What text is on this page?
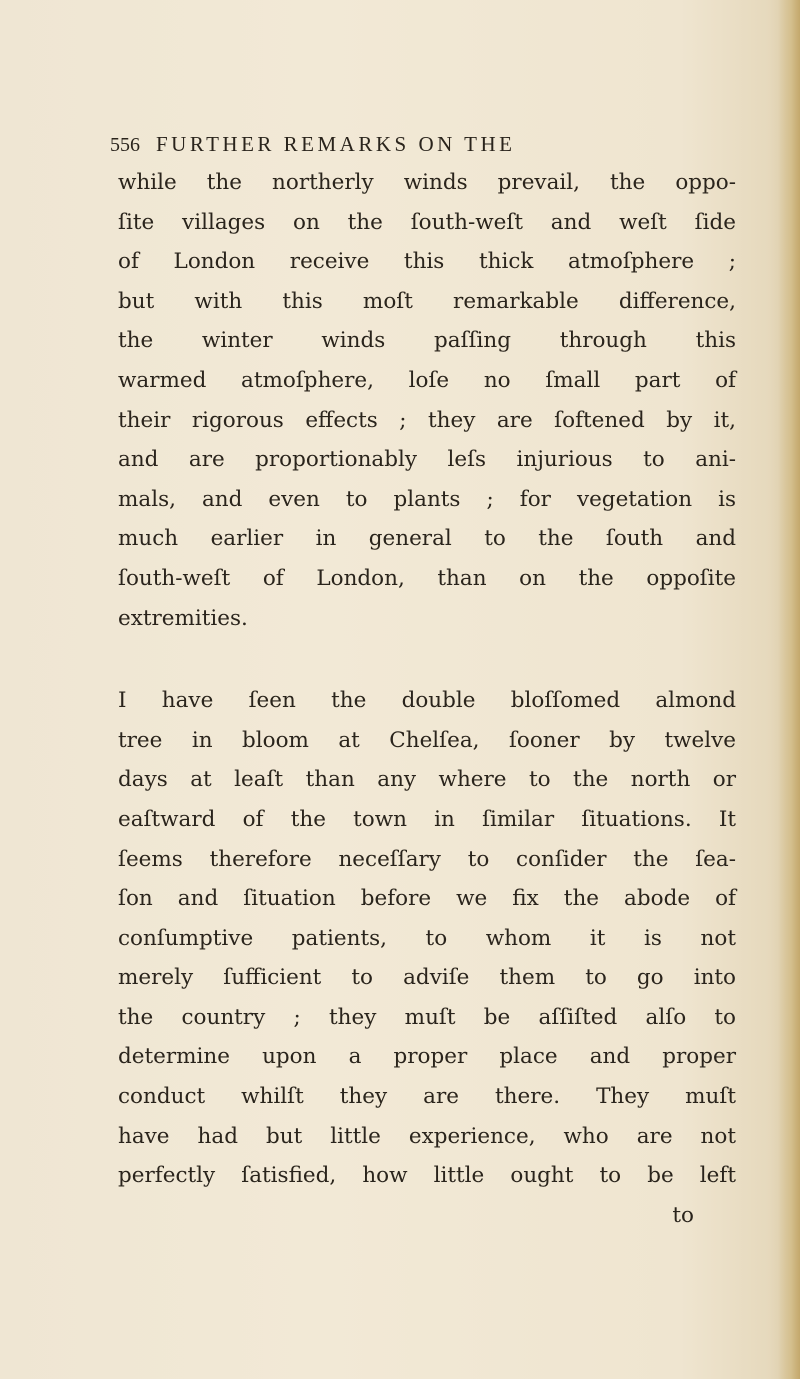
556 FURTHER REMARKS ON THE
while the northerly winds prevail, the oppo-
ſite villages on the ſouth-weſt and weſt ſide
of London receive this thick atmoſphere ;
but with this moſt remarkable difference,
the winter winds paſſing through this
warmed atmoſphere, loſe no ſmall part of
their rigorous effects ; they are ſoftened by it,
and are proportionably leſs injurious to ani-
mals, and even to plants ; for vegetation is
much earlier in general to the ſouth and
ſouth-weſt of London, than on the oppoſite
extremities.
I have ſeen the double bloſſomed almond
tree in bloom at Chelſea, ſooner by twelve
days at leaſt than any where to the north or
eaſtward of the town in ſimilar ſituations. It
ſeems therefore neceſſary to conſider the ſea-
ſon and ſituation before we fix the abode of
conſumptive patients, to whom it is not
merely ſufficient to adviſe them to go into
the country ; they muſt be aſſiſted alſo to
determine upon a proper place and proper
conduct whilſt they are there. They muſt
have had but little experience, who are not
perfectly ſatisfied, how little ought to be left
to
